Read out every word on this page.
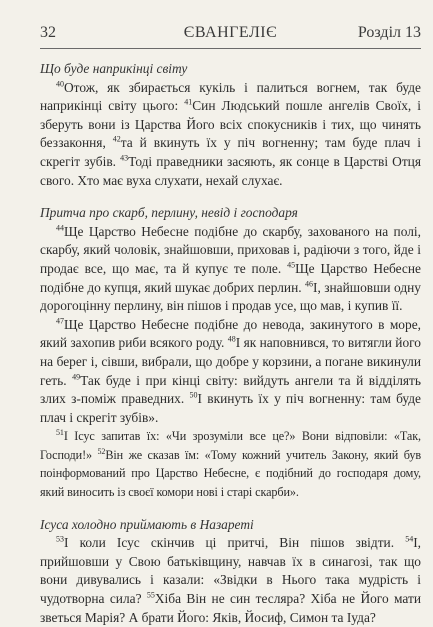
32	ЄВАНГЕЛІЄ	Розділ 13
Що буде наприкінці світу

$^{40}$Отож, як збирається кукіль і палиться вогнем, так буде наприкінці світу цього: $^{41}$Син Людський пошле ангелів Своїх, і зберуть вони із Царства Його всіх спокусників і тих, що чинять беззаконня, $^{42}$та й вкинуть їх у піч вогненну; там буде плач і скрегіт зубів. $^{43}$Тоді праведники засяють, як сонце в Царстві Отця свого. Хто має вуха слухати, нехай слухає.

Притча про скарб, перлину, невід і господаря

$^{44}$Ще Царство Небесне подібне до скарбу, захованого на полі, скарбу, який чоловік, знайшовши, приховав і, радіючи з того, йде і продає все, що має, та й купує те поле. $^{45}$Ще Царство Небесне подібне до купця, який шукає добрих перлин. $^{46}$І, знайшовши одну дорогоцінну перлину, він пішов і продав усе, що мав, і купив її.

$^{47}$Ще Царство Небесне подібне до невода, закинутого в море, який захопив риби всякого роду. $^{48}$І як наповнився, то витягли його на берег і, сівши, вибрали, що добре у корзини, а погане викинули геть. $^{49}$Так буде і при кінці світу: вийдуть ангели та й відділять злих з-поміж праведних. $^{50}$І вкинуть їх у піч вогненну: там буде плач і скрегіт зубів».

$^{51}$І Ісус запитав їх: «Чи зрозуміли все це?» Вони відповіли: «Так, Господи!» $^{52}$Він же сказав їм: «Тому кожний учитель Закону, який був поінформований про Царство Небесне, є подібний до господаря дому, який виносить із своєї комори нові і старі скарби».

Ісуса холодно приймають в Назареті

$^{53}$І коли Ісус скінчив ці притчі, Він пішов звідти. $^{54}$І, прийшовши у Свою батьківщину, навчав їх в синагозі, так що вони дивувались і казали: «Звідки в Нього така мудрість і чудотворна сила? $^{55}$Хіба Він не син тесляра? Хіба не Його мати зветься Марія? А брати Його: Яків, Йосиф, Симон та Іуда?
